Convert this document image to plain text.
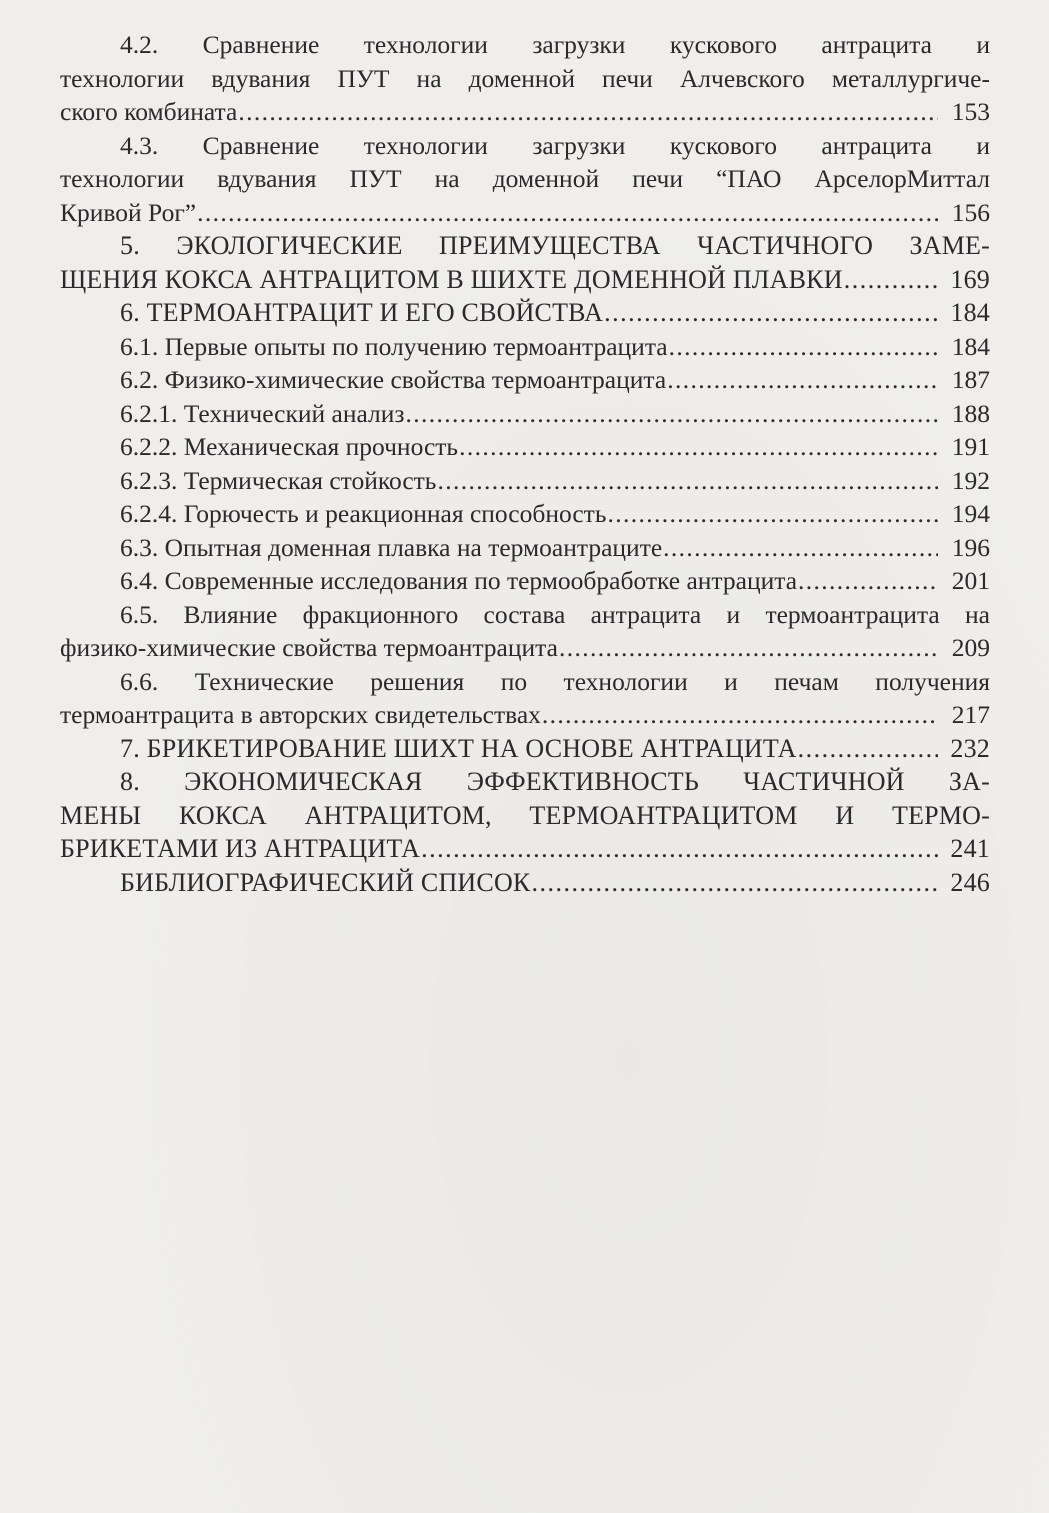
4.2. Сравнение технологии загрузки кускового антрацита и
технологии вдувания ПУТ на доменной печи Алчевского металлургиче-
ского комбината . . .	153
4.3. Сравнение технологии загрузки кускового антрацита и
технологии вдувания ПУТ на доменной печи “ПАО АрселорМиттал
Кривой Рог” . . .	156
5. ЭКОЛОГИЧЕСКИЕ ПРЕИМУЩЕСТВА ЧАСТИЧНОГО ЗАМЕ-
ЩЕНИЯ КОКСА АНТРАЦИТОМ В ШИХТЕ ДОМЕННОЙ ПЛАВКИ . . .	169
6. ТЕРМОАНТРАЦИТ И ЕГО СВОЙСТВА . . .	184
6.1. Первые опыты по получению термоантрацита . . .	184
6.2. Физико-химические свойства термоантрацита . . .	187
6.2.1. Технический анализ . . .	188
6.2.2. Механическая прочность . . .	191
6.2.3. Термическая стойкость . . .	192
6.2.4. Горючесть и реакционная способность . . .	194
6.3. Опытная доменная плавка на термоантраците . . .	196
6.4. Современные исследования по термообработке антрацита . . .	201
6.5. Влияние фракционного состава антрацита и термоантрацита на
физико-химические свойства термоантрацита . . .	209
6.6. Технические решения по технологии и печам получения
термоантрацита в авторских свидетельствах . . .	217
7. БРИКЕТИРОВАНИЕ ШИХТ НА ОСНОВЕ АНТРАЦИТА . . .	232
8. ЭКОНОМИЧЕСКАЯ ЭФФЕКТИВНОСТЬ ЧАСТИЧНОЙ ЗА-
МЕНЫ КОКСА АНТРАЦИТОМ, ТЕРМОАНТРАЦИТОМ И ТЕРМО-
БРИКЕТАМИ ИЗ АНТРАЦИТА . . .	241
БИБЛИОГРАФИЧЕСКИЙ СПИСОК . . .	246
